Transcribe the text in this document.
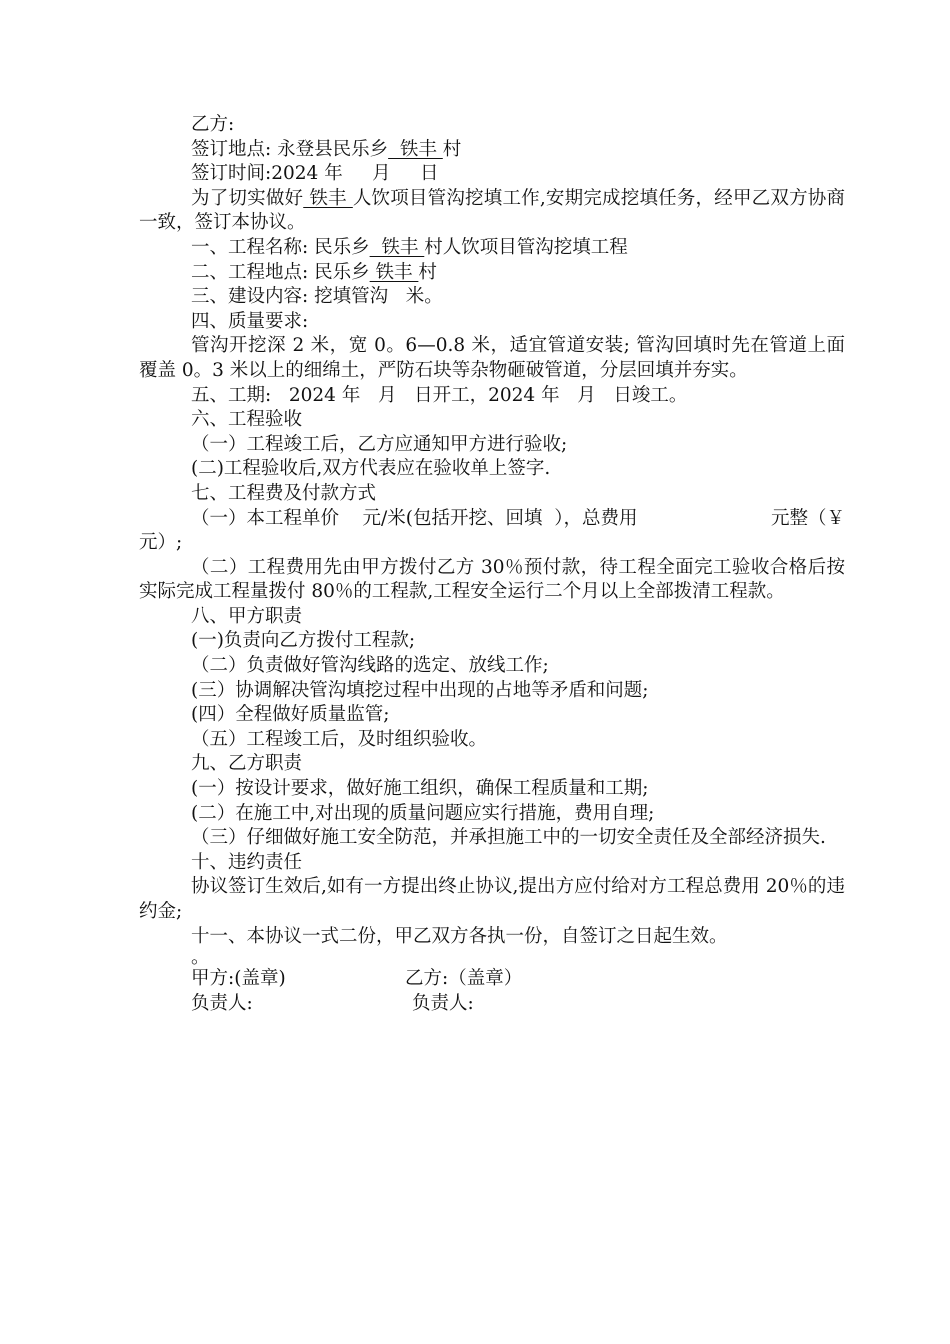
乙方:
签订地点: 永登县民乐乡  铁丰 村
签订时间:2024 年     月     日
为了切实做好 铁丰 人饮项目管沟挖填工作,安期完成挖填任务，经甲乙双方协商一致，签订本协议。
一、工程名称: 民乐乡  铁丰 村人饮项目管沟挖填工程
二、工程地点: 民乐乡 铁丰 村
三、建设内容: 挖填管沟   米。
四、质量要求:
管沟开挖深 2 米，宽 0。6—0.8 米，适宜管道安装; 管沟回填时先在管道上面覆盖 0。3 米以上的细绵土，严防石块等杂物砸破管道，分层回填并夯实。
五、工期:   2024 年   月   日开工，2024 年   月   日竣工。
六、工程验收
（一）工程竣工后，乙方应通知甲方进行验收;
(二)工程验收后,双方代表应在验收单上签字.
七、工程费及付款方式
（一）本工程单价    元/米(包括开挖、回填  ），总费用	元整（￥
元）;
（二）工程费用先由甲方拨付乙方 30％预付款，待工程全面完工验收合格后按实际完成工程量拨付 80％的工程款,工程安全运行二个月以上全部拨清工程款。
八、甲方职责
(一)负责向乙方拨付工程款;
（二）负责做好管沟线路的选定、放线工作;
(三）协调解决管沟填挖过程中出现的占地等矛盾和问题;
(四）全程做好质量监管;
（五）工程竣工后，及时组织验收。
九、乙方职责
(一）按设计要求，做好施工组织，确保工程质量和工期;
(二）在施工中,对出现的质量问题应实行措施，费用自理;
（三）仔细做好施工安全防范，并承担施工中的一切安全责任及全部经济损失.
十、违约责任
协议签订生效后,如有一方提出终止协议,提出方应付给对方工程总费用 20％的违约金;
十一、本协议一式二份，甲乙双方各执一份，自签订之日起生效。
。
甲方:(盖章)	乙方:（盖章）
负责人:	负责人:
